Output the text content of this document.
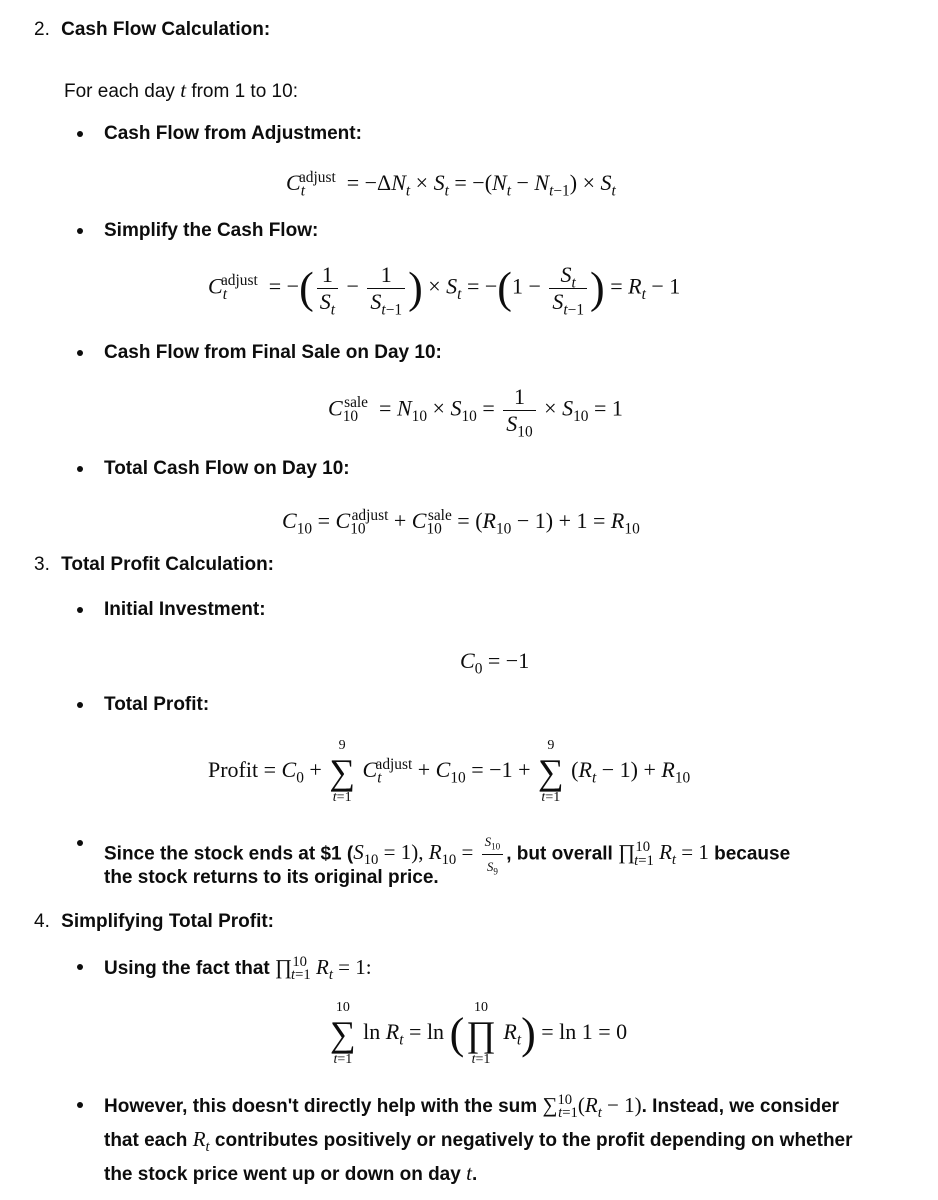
2. Cash Flow Calculation:
For each day t from 1 to 10:
Cash Flow from Adjustment:
$C_t^{adjust} = -\Delta N_t \times S_t = -(N_t - N_{t-1}) \times S_t$
Simplify the Cash Flow:
$C_t^{adjust}$  = −( $\frac{1}{S_t} - \frac{1}{S_{t-1}}$ ) × $S_t = -(1 - \frac{S_t}{S_{t-1}}$ ) = $R_t - 1$
Cash Flow from Final Sale on Day 10:
$C_{10}^{sale} = N_{10} \times S_{10} = \frac{1}{S_{10}} \times S_{10} = 1$
Total Cash Flow on Day 10:
$C_{10} = C_{10}^{adjust} + C_{10}^{sale} = (R_{10} - 1) + 1 = R_{10}$
3. Total Profit Calculation:
Initial Investment:
$C_0 = -1$
Total Profit:
Profit = $C_0$ +
9
∑
t=1
$C_t^{adjust} + C_{10} = -1$ +
9
∑
t=1
$(R_t - 1) + R_{10}$
Since the stock ends at $1 $(S_{10} = 1)$, $R_{10} = \frac{S_{10}}{S_9}$ , but overall ∏$^{10}_{t=1}$ $R_t = 1$ because
the stock returns to its original price.
4. Simplifying Total Profit:
Using the fact that ∏$^{10}_{t=1}$ $R_t = 1$:
10
∑
t=1
$\ln R_t = \ln$ (
10
∏
t=1
$R_t) = \ln 1 = 0$
However, this doesn't directly help with the sum $\sum^{10}_{t=1}(R_t - 1)$. Instead, we consider
that each $R_t$ contributes positively or negatively to the profit depending on whether
the stock price went up or down on day t.
